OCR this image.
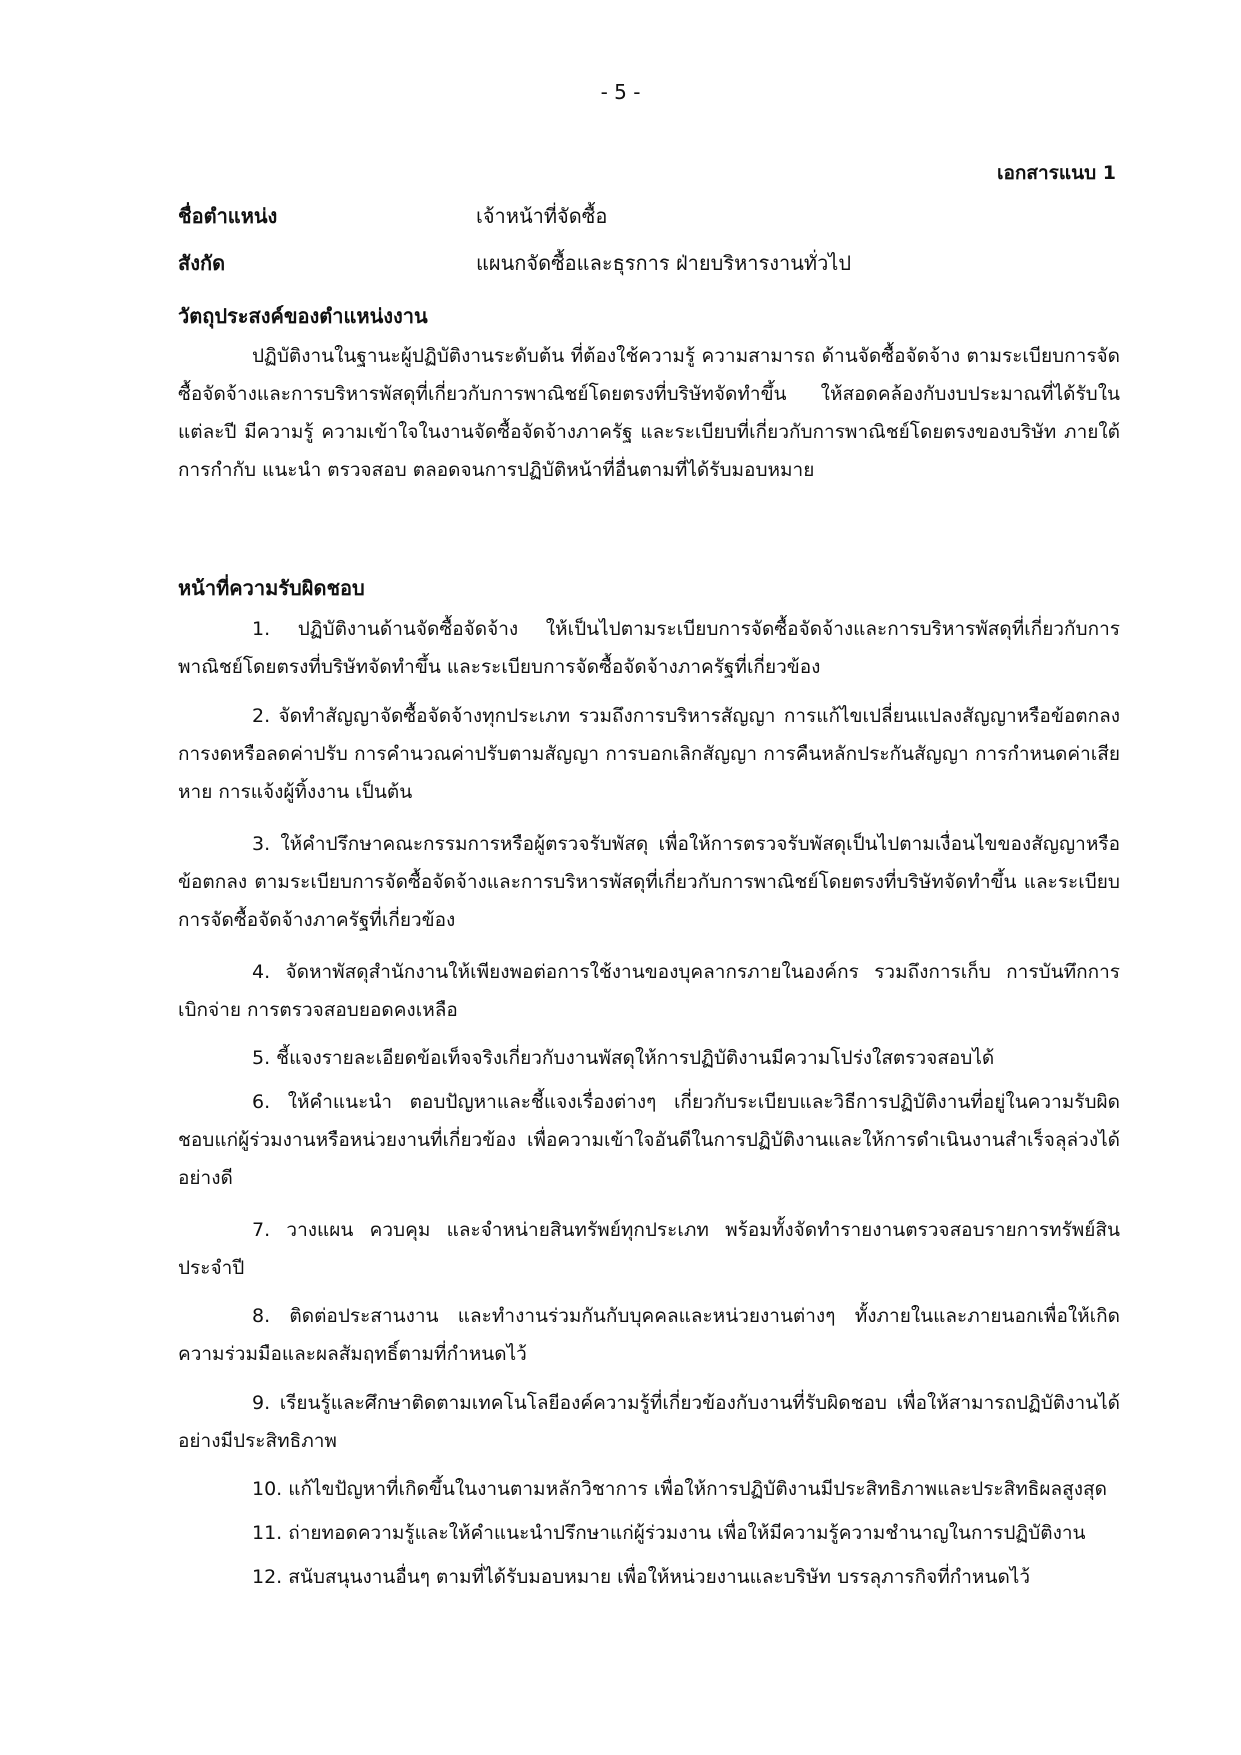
- 5 -
เอกสารแนบ 1
ชื่อตำแหน่ง	เจ้าหน้าที่จัดซื้อ
สังกัด	แผนกจัดซื้อและธุรการ ฝ่ายบริหารงานทั่วไป
วัตถุประสงค์ของตำแหน่งงาน
ปฏิบัติงานในฐานะผู้ปฏิบัติงานระดับต้น ที่ต้องใช้ความรู้ ความสามารถ ด้านจัดซื้อจัดจ้าง ตามระเบียบการจัดซื้อจัดจ้างและการบริหารพัสดุที่เกี่ยวกับการพาณิชย์โดยตรงที่บริษัทจัดทำขึ้น ให้สอดคล้องกับงบประมาณที่ได้รับในแต่ละปี มีความรู้ ความเข้าใจในงานจัดซื้อจัดจ้างภาครัฐ และระเบียบที่เกี่ยวกับการพาณิชย์โดยตรงของบริษัท ภายใต้การกำกับ แนะนำ ตรวจสอบ ตลอดจนการปฏิบัติหน้าที่อื่นตามที่ได้รับมอบหมาย
หน้าที่ความรับผิดชอบ
1. ปฏิบัติงานด้านจัดซื้อจัดจ้าง ให้เป็นไปตามระเบียบการจัดซื้อจัดจ้างและการบริหารพัสดุที่เกี่ยวกับการพาณิชย์โดยตรงที่บริษัทจัดทำขึ้น และระเบียบการจัดซื้อจัดจ้างภาครัฐที่เกี่ยวข้อง
2. จัดทำสัญญาจัดซื้อจัดจ้างทุกประเภท รวมถึงการบริหารสัญญา การแก้ไขเปลี่ยนแปลงสัญญาหรือข้อตกลง การงดหรือลดค่าปรับ การคำนวณค่าปรับตามสัญญา การบอกเลิกสัญญา การคืนหลักประกันสัญญา การกำหนดค่าเสียหาย การแจ้งผู้ทิ้งงาน เป็นต้น
3. ให้คำปรึกษาคณะกรรมการหรือผู้ตรวจรับพัสดุ เพื่อให้การตรวจรับพัสดุเป็นไปตามเงื่อนไขของสัญญาหรือข้อตกลง ตามระเบียบการจัดซื้อจัดจ้างและการบริหารพัสดุที่เกี่ยวกับการพาณิชย์โดยตรงที่บริษัทจัดทำขึ้น และระเบียบการจัดซื้อจัดจ้างภาครัฐที่เกี่ยวข้อง
4. จัดหาพัสดุสำนักงานให้เพียงพอต่อการใช้งานของบุคลากรภายในองค์กร รวมถึงการเก็บ การบันทึกการเบิกจ่าย การตรวจสอบยอดคงเหลือ
5. ชี้แจงรายละเอียดข้อเท็จจริงเกี่ยวกับงานพัสดุให้การปฏิบัติงานมีความโปร่งใสตรวจสอบได้
6. ให้คำแนะนำ ตอบปัญหาและชี้แจงเรื่องต่างๆ เกี่ยวกับระเบียบและวิธีการปฏิบัติงานที่อยู่ในความรับผิดชอบแก่ผู้ร่วมงานหรือหน่วยงานที่เกี่ยวข้อง เพื่อความเข้าใจอันดีในการปฏิบัติงานและให้การดำเนินงานสำเร็จลุล่วงได้อย่างดี
7. วางแผน ควบคุม และจำหน่ายสินทรัพย์ทุกประเภท พร้อมทั้งจัดทำรายงานตรวจสอบรายการทรัพย์สินประจำปี
8. ติดต่อประสานงาน และทำงานร่วมกันกับบุคคลและหน่วยงานต่างๆ ทั้งภายในและภายนอกเพื่อให้เกิดความร่วมมือและผลสัมฤทธิ์ตามที่กำหนดไว้
9. เรียนรู้และศึกษาติดตามเทคโนโลยีองค์ความรู้ที่เกี่ยวข้องกับงานที่รับผิดชอบ เพื่อให้สามารถปฏิบัติงานได้อย่างมีประสิทธิภาพ
10. แก้ไขปัญหาที่เกิดขึ้นในงานตามหลักวิชาการ เพื่อให้การปฏิบัติงานมีประสิทธิภาพและประสิทธิผลสูงสุด
11. ถ่ายทอดความรู้และให้คำแนะนำปรึกษาแก่ผู้ร่วมงาน เพื่อให้มีความรู้ความชำนาญในการปฏิบัติงาน
12. สนับสนุนงานอื่นๆ ตามที่ได้รับมอบหมาย เพื่อให้หน่วยงานและบริษัท บรรลุภารกิจที่กำหนดไว้
